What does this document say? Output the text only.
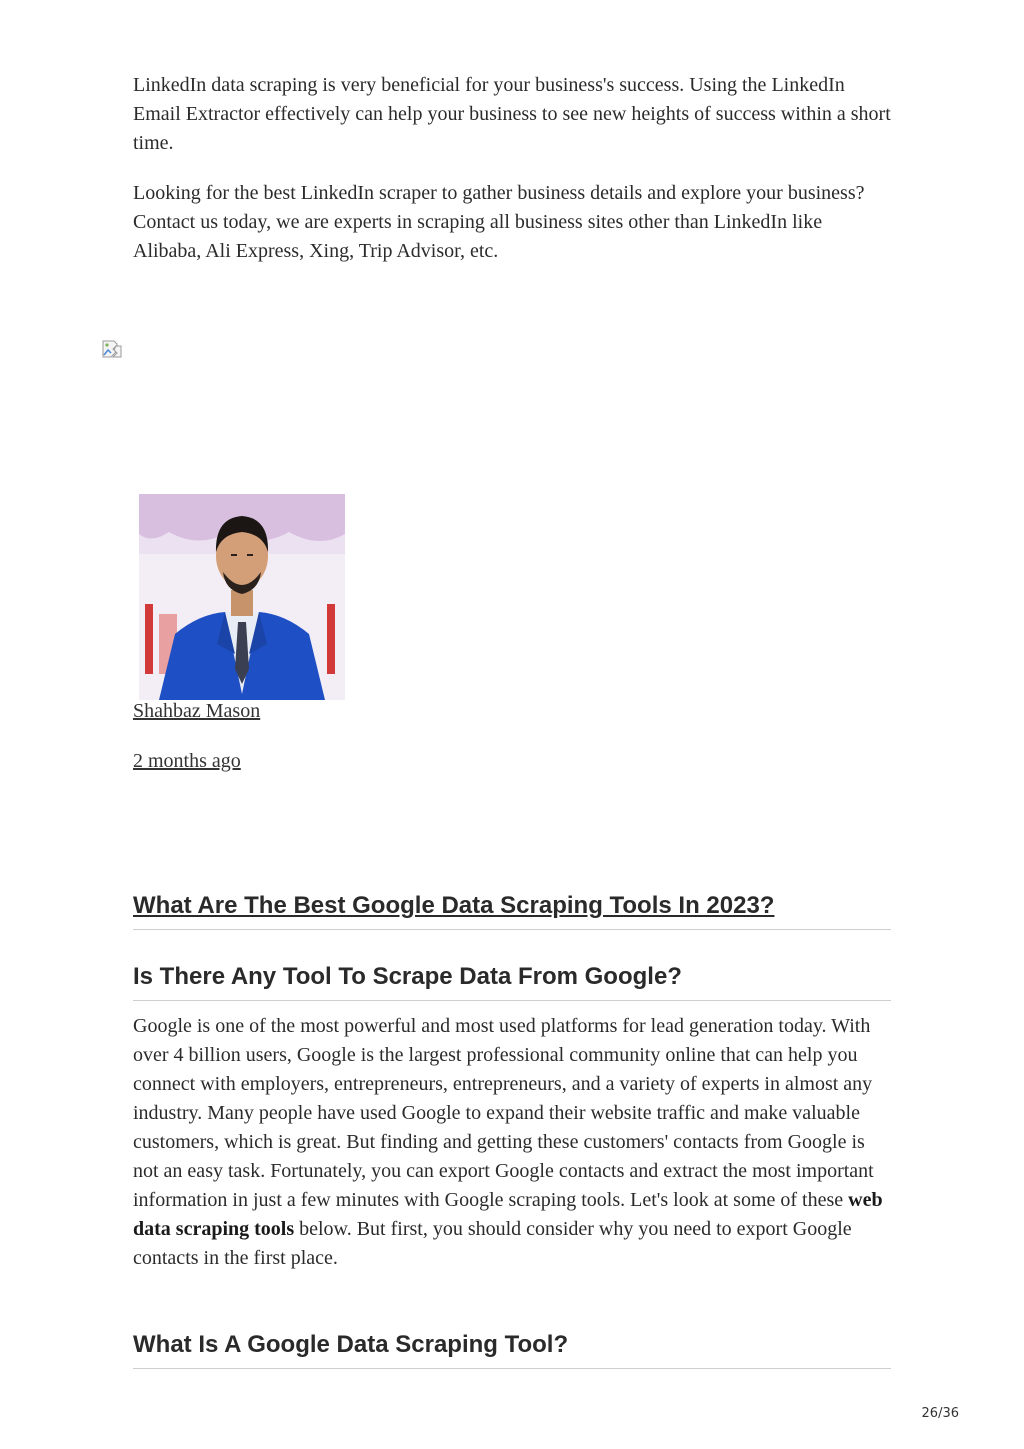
LinkedIn data scraping is very beneficial for your business's success. Using the LinkedIn Email Extractor effectively can help your business to see new heights of success within a short time.

Looking for the best LinkedIn scraper to gather business details and explore your business? Contact us today, we are experts in scraping all business sites other than LinkedIn like Alibaba, Ali Express, Xing, Trip Advisor, etc.

Shahbaz Mason
2 months ago
What Are The Best Google Data Scraping Tools In 2023?
Is There Any Tool To Scrape Data From Google?

Google is one of the most powerful and most used platforms for lead generation today. With over 4 billion users, Google is the largest professional community online that can help you connect with employers, entrepreneurs, entrepreneurs, and a variety of experts in almost any industry. Many people have used Google to expand their website traffic and make valuable customers, which is great. But finding and getting these customers' contacts from Google is not an easy task. Fortunately, you can export Google contacts and extract the most important information in just a few minutes with Google scraping tools. Let's look at some of these web data scraping tools below. But first, you should consider why you need to export Google contacts in the first place.

What Is A Google Data Scraping Tool?
26/36
